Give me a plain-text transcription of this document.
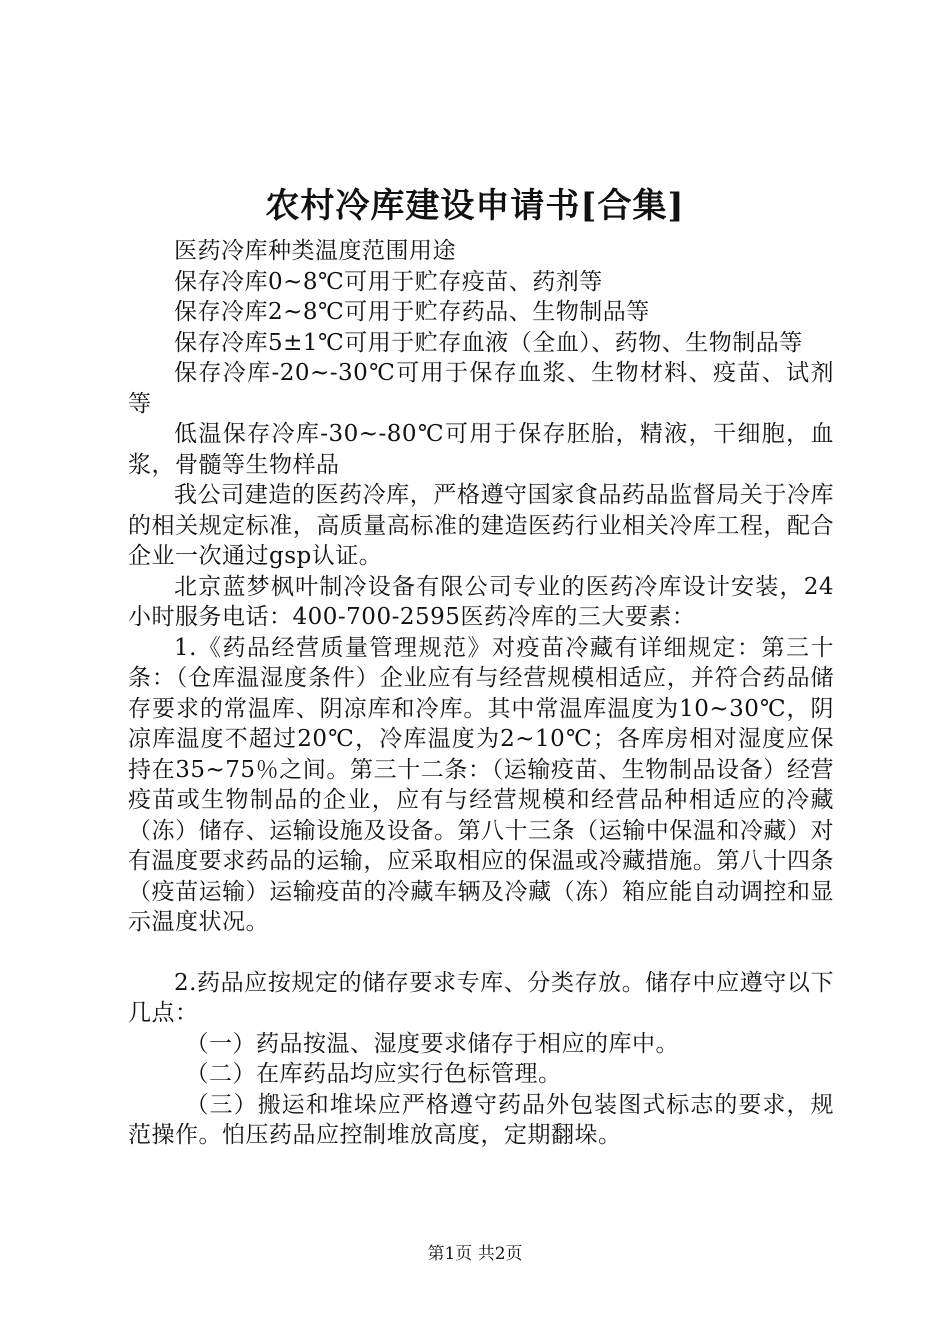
农村冷库建设申请书[合集]

医药冷库种类温度范围用途

保存冷库0~8℃可用于贮存疫苗、药剂等

保存冷库2~8℃可用于贮存药品、生物制品等

保存冷库5±1℃可用于贮存血液（全血）、药物、生物制品等

保存冷库-20~-30℃可用于保存血浆、生物材料、疫苗、试剂等

低温保存冷库-30~-80℃可用于保存胚胎，精液，干细胞，血浆，骨髓等生物样品

我公司建造的医药冷库，严格遵守国家食品药品监督局关于冷库的相关规定标准，高质量高标准的建造医药行业相关冷库工程，配合企业一次通过gsp认证。

北京蓝梦枫叶制冷设备有限公司专业的医药冷库设计安装，24小时服务电话：400-700-2595医药冷库的三大要素：

1.《药品经营质量管理规范》对疫苗冷藏有详细规定：第三十条：（仓库温湿度条件）企业应有与经营规模相适应，并符合药品储存要求的常温库、阴凉库和冷库。其中常温库温度为10~30℃，阴凉库温度不超过20℃，冷库温度为2~10℃；各库房相对湿度应保持在35~75％之间。第三十二条：（运输疫苗、生物制品设备）经营疫苗或生物制品的企业，应有与经营规模和经营品种相适应的冷藏（冻）储存、运输设施及设备。第八十三条（运输中保温和冷藏）对有温度要求药品的运输，应采取相应的保温或冷藏措施。第八十四条（疫苗运输）运输疫苗的冷藏车辆及冷藏（冻）箱应能自动调控和显示温度状况。

2.药品应按规定的储存要求专库、分类存放。储存中应遵守以下几点：

（一）药品按温、湿度要求储存于相应的库中。

（二）在库药品均应实行色标管理。

（三）搬运和堆垛应严格遵守药品外包装图式标志的要求，规范操作。怕压药品应控制堆放高度，定期翻垛。

第1页 共2页
